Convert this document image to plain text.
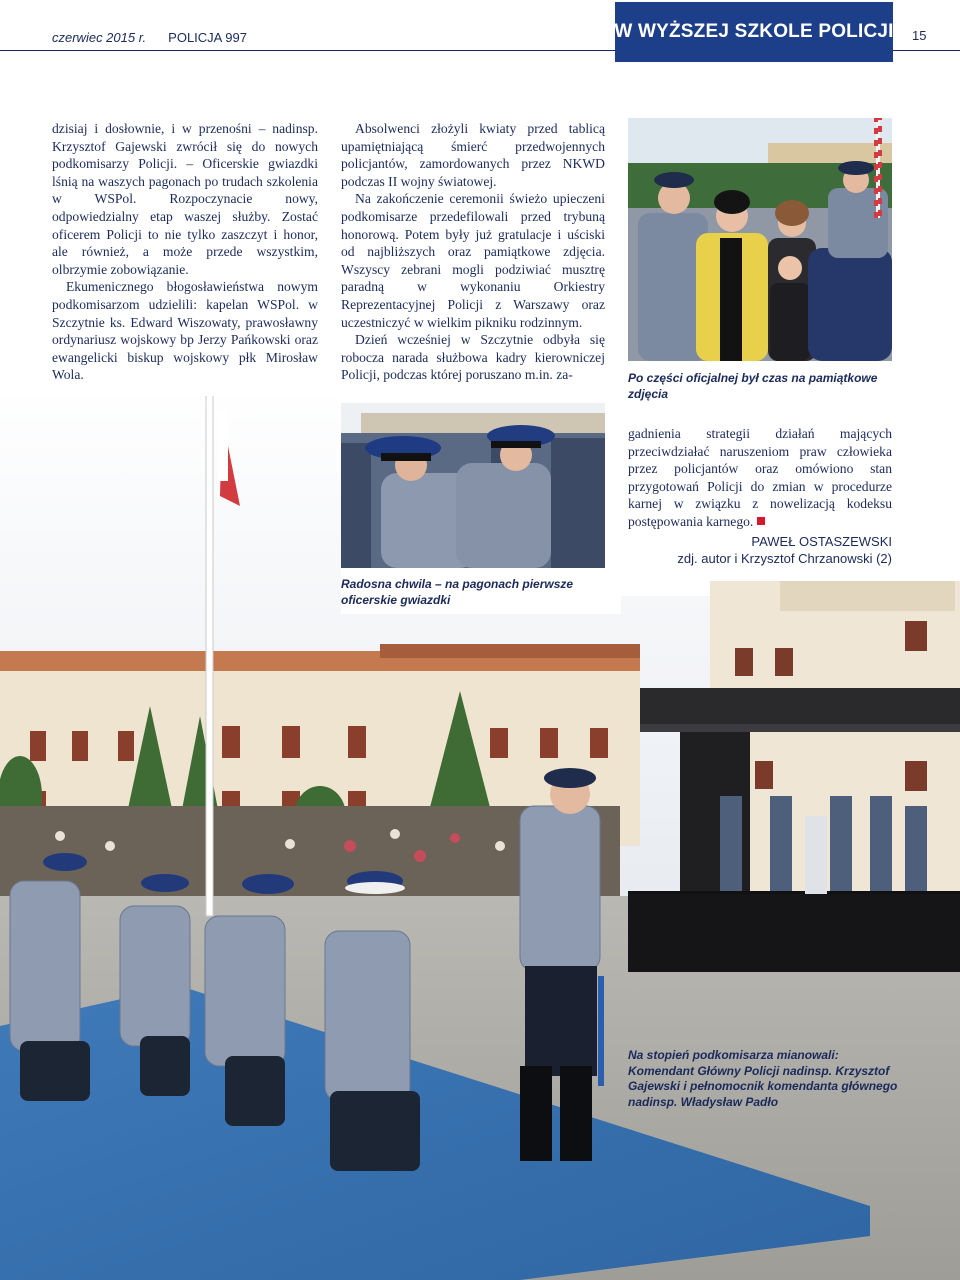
czerwiec 2015 r. POLICJA 997	W WYŻSZEJ SZKOLE POLICJI 15

dzisiaj i dosłownie, i w przenośni – nadinsp. Krzysztof Gajewski zwrócił się do nowych podkomisarzy Policji. – Oficerskie gwiazdki lśnią na waszych pagonach po trudach szkolenia w WSPol. Rozpoczynacie nowy, odpowiedzialny etap waszej służby. Zostać oficerem Policji to nie tylko zaszczyt i honor, ale również, a może przede wszystkim, olbrzymie zobowiązanie.

Ekumenicznego błogosławieństwa nowym podkomisarzom udzielili: kapelan WSPol. w Szczytnie ks. Edward Wiszowaty, prawosławny ordynariusz wojskowy bp Jerzy Pańkowski oraz ewangelicki biskup wojskowy płk Mirosław Wola.

Absolwenci złożyli kwiaty przed tablicą upamiętniającą śmierć przedwojennych policjantów, zamordowanych przez NKWD podczas II wojny światowej.

Na zakończenie ceremonii świeżo upieczeni podkomisarze przedefilowali przed trybuną honorową. Potem były już gratulacje i uściski od najbliższych oraz pamiątkowe zdjęcia. Wszyscy zebrani mogli podziwiać musztrę paradną w wykonaniu Orkiestry Reprezentacyjnej Policji z Warszawy oraz uczestniczyć w wielkim pikniku rodzinnym.

Dzień wcześniej w Szczytnie odbyła się robocza narada służbowa kadry kierowniczej Policji, podczas której poruszano m.in. za-

gadnienia strategii działań mających przeciwdziałać naruszeniom praw człowieka przez policjantów oraz omówiono stan przygotowań Policji do zmian w procedurze karnej w związku z nowelizacją kodeksu postępowania karnego.

PAWEŁ OSTASZEWSKI
zdj. autor i Krzysztof Chrzanowski (2)
Po części oficjalnej był czas na pamiątkowe zdjęcia
Radosna chwila – na pagonach pierwsze oficerskie gwiazdki
Na stopień podkomisarza mianowali: Komendant Główny Policji nadinsp. Krzysztof Gajewski i pełnomocnik komendanta głównego nadinsp. Władysław Padło
